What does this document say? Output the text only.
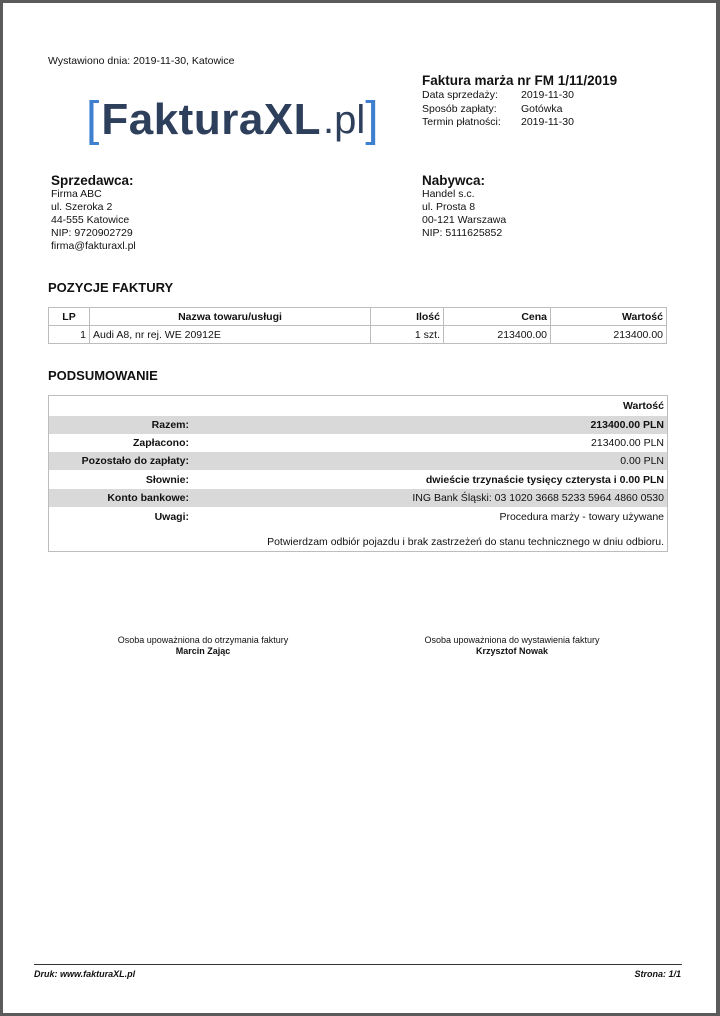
Wystawiono dnia: 2019-11-30, Katowice
[ FakturaXL .pl ]
Faktura marża nr FM 1/11/2019
Data sprzedaży:	2019-11-30
Sposób zapłaty:	Gotówka
Termin płatności:	2019-11-30
Sprzedawca:
Firma ABC
ul. Szeroka 2
44-555 Katowice
NIP: 9720902729
firma@fakturaxl.pl
Nabywca:
Handel s.c.
ul. Prosta 8
00-121 Warszawa
NIP: 5111625852
POZYCJE FAKTURY
LP	Nazwa towaru/usługi	Ilość	Cena	Wartość
1	Audi A8, nr rej. WE 20912E	1 szt.	213400.00	213400.00
PODSUMOWANIE
Wartość
Razem:	213400.00 PLN
Zapłacono:	213400.00 PLN
Pozostało do zapłaty:	0.00 PLN
Słownie:	dwieście trzynaście tysięcy czterysta i 0.00 PLN
Konto bankowe:	ING Bank Śląski: 03 1020 3668 5233 5964 4860 0530
Uwagi:	Procedura marży - towary używane
Potwierdzam odbiór pojazdu i brak zastrzeżeń do stanu technicznego w dniu odbioru.
Osoba upoważniona do otrzymania faktury
Marcin Zając
Osoba upoważniona do wystawienia faktury
Krzysztof Nowak
Druk: www.fakturaXL.pl	Strona: 1/1
